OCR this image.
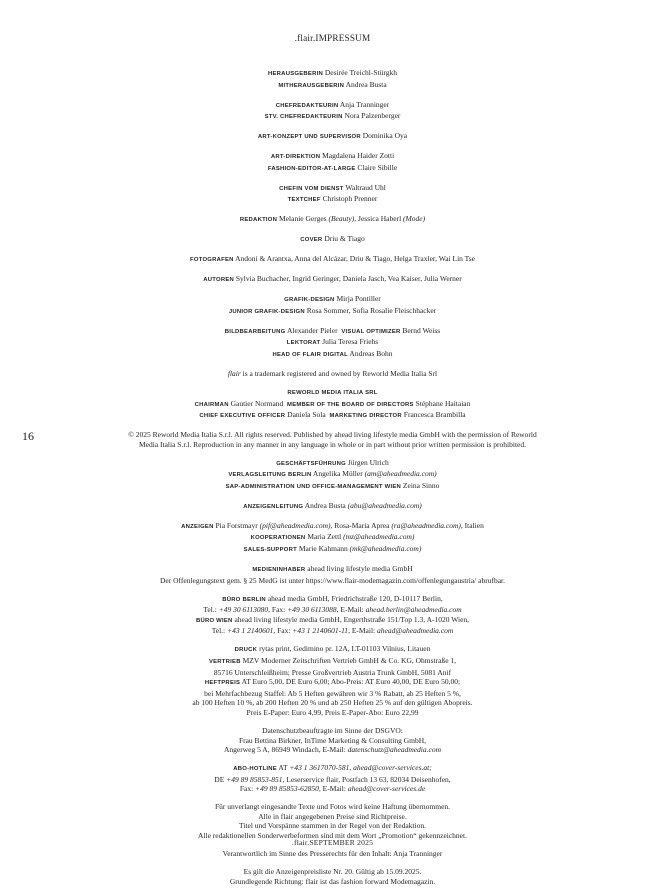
.flair.IMPRESSUM
16
HERAUSGEBERIN Desirée Treichl-Stürgkh
MITHERAUSGEBERIN Andrea Busta
CHEFREDAKTEURIN Anja Tranninger
STV. CHEFREDAKTEURIN Nora Palzenberger
ART-KONZEPT UND SUPERVISOR Dominika Oya
ART-DIREKTION Magdalena Haider Zotti
FASHION-EDITOR-AT-LARGE Claire Sibille
CHEFIN VOM DIENST Waltraud Uhl
TEXTCHEF Christoph Prenner
REDAKTION Melanie Gerges (Beauty), Jessica Haberl (Mode)
COVER Driu & Tiago
FOTOGRAFEN Andoni & Arantxa, Anna del Alcázar, Driu & Tiago, Helga Traxler, Wai Lin Tse
AUTOREN Sylvia Buchacher, Ingrid Geringer, Daniela Jasch, Vea Kaiser, Julia Werner
GRAFIK-DESIGN Mirja Pontiller
JUNIOR GRAFIK-DESIGN Rosa Sommer, Sofia Rosalie Fleischhacker
BILDBEARBEITUNG Alexander Pieler VISUAL OPTIMIZER Bernd Weiss
LEKTORAT Julia Teresa Friehs
HEAD OF FLAIR DIGITAL Andreas Bohn
flair is a trademark registered and owned by Reworld Media Italia Srl
REWORLD MEDIA ITALIA SRL
CHAIRMAN Gautier Normand MEMBER OF THE BOARD OF DIRECTORS Stéphane Haitaian
CHIEF EXECUTIVE OFFICER Daniela Sola MARKETING DIRECTOR Francesca Brambilla
© 2025 Reworld Media Italia S.r.l. All rights reserved. Published by ahead living lifestyle media GmbH with the permission of Reworld
Media Italia S.r.l. Reproduction in any manner in any language in whole or in part without prior written permission is prohibited.
GESCHÄFTSFÜHRUNG Jürgen Ulrich
VERLAGSLEITUNG BERLIN Angelika Müller (am@aheadmedia.com)
SAP-ADMINISTRATION UND OFFICE-MANAGEMENT WIEN Zeina Sinno
ANZEIGENLEITUNG Andrea Busta (abu@aheadmedia.com)
ANZEIGEN Pia Forstmayr (pif@aheadmedia.com), Rosa-Maria Aprea (ra@aheadmedia.com), Italien
KOOPERATIONEN Maria Zettl (mz@aheadmedia.com)
SALES-SUPPORT Marie Kahmann (mk@aheadmedia.com)
MEDIENINHABER ahead living lifestyle media GmbH
Der Offenlegungstext gem. § 25 MedG ist unter https://www.flair-modemagazin.com/offenlegungaustria/ abrufbar.
BÜRO BERLIN ahead media GmbH, Friedrichstraße 120, D-10117 Berlin,
Tel.: +49 30 6113080, Fax: +49 30 6113088, E-Mail: ahead.berlin@aheadmedia.com
BÜRO WIEN ahead living lifestyle media GmbH, Engerthstraße 151/Top 1.3, A-1020 Wien,
Tel.: +43 1 2140601, Fax: +43 1 2140601-11, E-Mail: ahead@aheadmedia.com
DRUCK rytas print, Gedimino pr. 12A, LT-01103 Vilnius, Litauen
VERTRIEB MZV Moderner Zeitschriften Vertrieb GmbH & Co. KG, Ohmstraße 1,
85716 Unterschleißheim; Presse Großvertrieb Austria Trunk GmbH, 5081 Anif
HEFTPREIS AT Euro 5,00, DE Euro 6,00; Abo-Preis: AT Euro 40,00, DE Euro 50,00;
bei Mehrfachbezug Staffel: Ab 5 Heften gewähren wir 3 % Rabatt, ab 25 Heften 5 %,
ab 100 Heften 10 %, ab 200 Heften 20 % und ab 250 Heften 25 % auf den gültigen Abopreis.
Preis E-Paper: Euro 4,99, Preis E-Paper-Abo: Euro 22,99
Datenschutzbeauftragte im Sinne der DSGVO:
Frau Bettina Birkner, InTime Marketing & Consulting GmbH,
Angerweg 5 A, 86949 Windach, E-Mail: datenschutz@aheadmedia.com
ABO-HOTLINE AT +43 1 3617070-581, ahead@cover-services.at;
DE +49 89 85853-851, Leserservice flair, Postfach 13 63, 82034 Deisenhofen,
Fax: +49 89 85853-62850, E-Mail: ahead@cover-services.de
Für unverlangt eingesandte Texte und Fotos wird keine Haftung übernommen.
Alle in flair angegebenen Preise sind Richtpreise.
Titel und Vorspänne stammen in der Regel von der Redaktion.
Alle redaktionellen Sonderwerbeformen sind mit dem Wort „Promotion“ gekennzeichnet.
Verantwortlich im Sinne des Presserechts für den Inhalt: Anja Tranninger
Es gilt die Anzeigenpreisliste Nr. 20. Gültig ab 15.09.2025.
Grundlegende Richtung: flair ist das fashion forward Modemagazin.
.flair.SEPTEMBER 2025
